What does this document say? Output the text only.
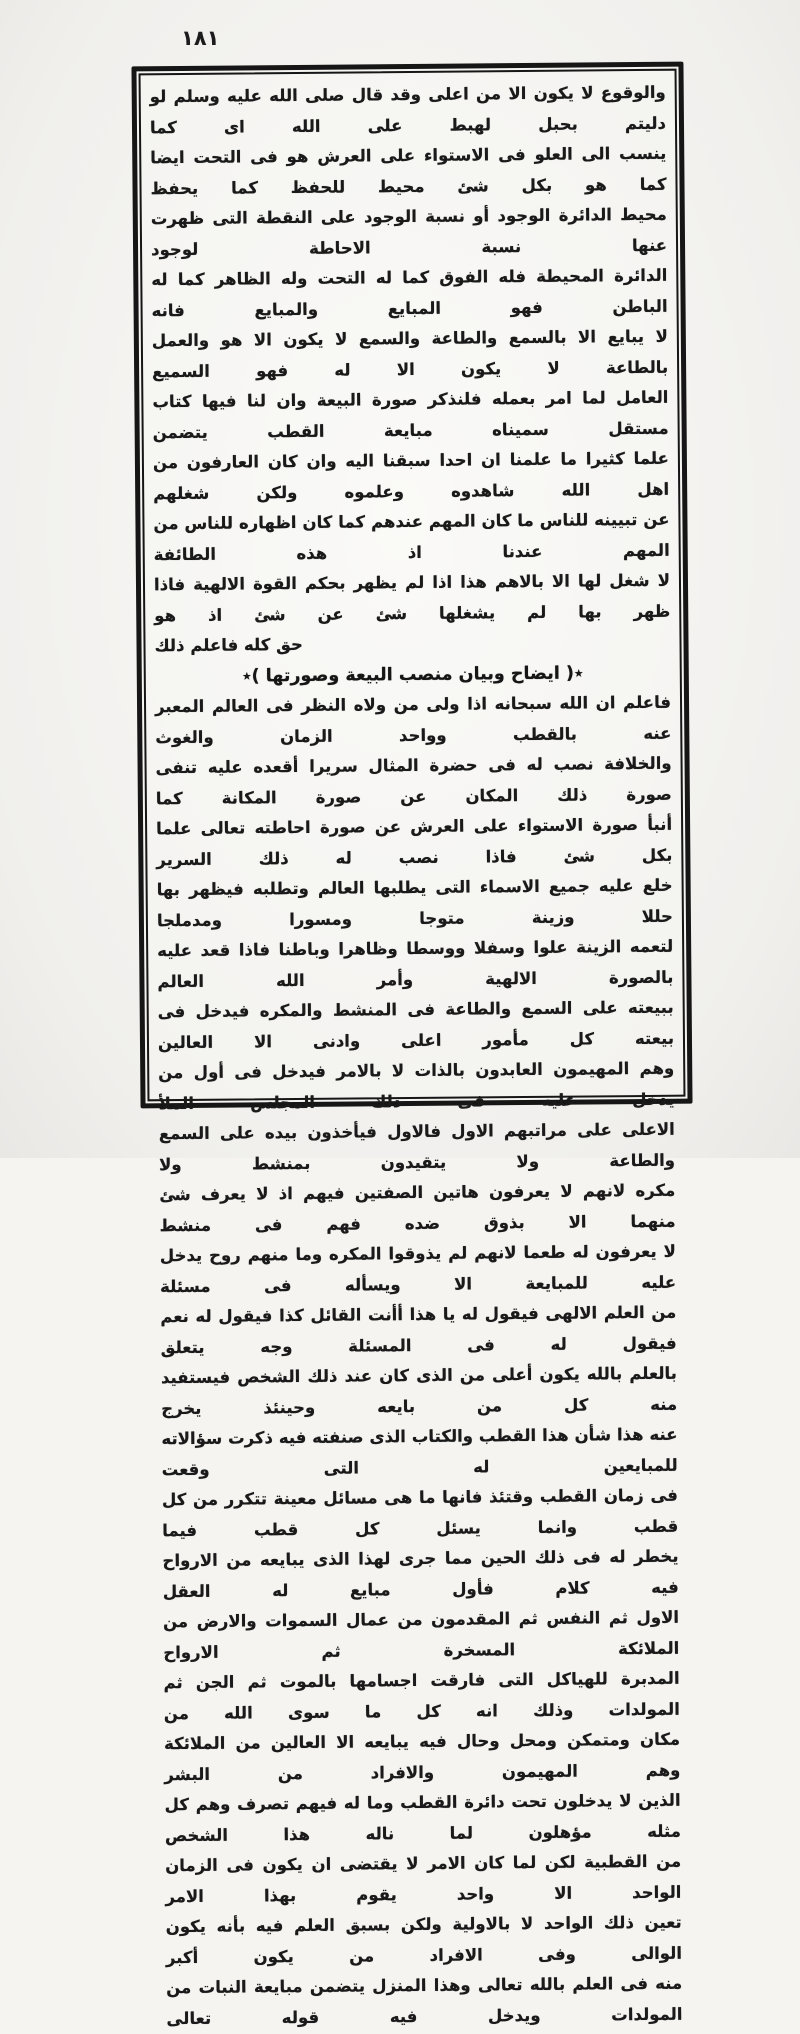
١٨١
والوقوع لا يكون الا من اعلى وقد قال صلى الله عليه وسلم لو دليتم بحبل لهبط على الله اى كما
ينسب الى العلو فى الاستواء على العرش هو فى التحت ايضا كما هو بكل شئ محيط للحفظ كما يحفظ
محيط الدائرة الوجود أو نسبة الوجود على النقطة التى ظهرت عنها نسبة الاحاطة لوجود
الدائرة المحيطة فله الفوق كما له التحت وله الظاهر كما له الباطن فهو المبايع والمبايع فانه
لا يبايع الا بالسمع والطاعة والسمع لا يكون الا هو والعمل بالطاعة لا يكون الا له فهو السميع
العامل لما امر بعمله فلنذكر صورة البيعة وان لنا فيها كتاب مستقل سميناه مبايعة القطب يتضمن
علما كثيرا ما علمنا ان احدا سبقنا اليه وان كان العارفون من اهل الله شاهدوه وعلموه ولكن شغلهم
عن تبيينه للناس ما كان المهم عندهم كما كان اظهاره للناس من المهم عندنا اذ هذه الطائفة
لا شغل لها الا بالاهم هذا اذا لم يظهر بحكم القوة الالهية فاذا ظهر بها لم يشغلها شئ عن شئ اذ هو
حق كله فاعلم ذلك
٭( ايضاح وبيان منصب البيعة وصورتها )٭
فاعلم ان الله سبحانه اذا ولى من ولاه النظر فى العالم المعبر عنه بالقطب وواحد الزمان والغوث
والخلافة نصب له فى حضرة المثال سريرا أقعده عليه تنفى صورة ذلك المكان عن صورة المكانة كما
أنبأ صورة الاستواء على العرش عن صورة احاطته تعالى علما بكل شئ فاذا نصب له ذلك السرير
خلع عليه جميع الاسماء التى يطلبها العالم وتطلبه فيظهر بها حللا وزينة متوجا ومسورا ومدملجا
لتعمه الزينة علوا وسفلا ووسطا وظاهرا وباطنا فاذا قعد عليه بالصورة الالهية وأمر الله العالم
ببيعته على السمع والطاعة فى المنشط والمكره فيدخل فى بيعته كل مأمور اعلى وادنى الا العالين
وهم المهيمون العابدون بالذات لا بالامر فيدخل فى أول من يدخل عليه فى ذلك المجلس الملأ
الاعلى على مراتبهم الاول فالاول فيأخذون بيده على السمع والطاعة ولا يتقيدون بمنشط ولا
مكره لانهم لا يعرفون هاتين الصفتين فيهم اذ لا يعرف شئ منهما الا بذوق ضده فهم فى منشط
لا يعرفون له طعما لانهم لم يذوقوا المكره وما منهم روح يدخل عليه للمبايعة الا ويسأله فى مسئلة
من العلم الالهى فيقول له يا هذا أأنت القائل كذا فيقول له نعم فيقول له فى المسئلة وجه يتعلق
بالعلم بالله يكون أعلى من الذى كان عند ذلك الشخص فيستفيد منه كل من بايعه وحينئذ يخرج
عنه هذا شأن هذا القطب والكتاب الذى صنفته فيه ذكرت سؤالاته للمبايعين له التى وقعت
فى زمان القطب وقتئذ فانها ما هى مسائل معينة تتكرر من كل قطب وانما يسئل كل قطب فيما
يخطر له فى ذلك الحين مما جرى لهذا الذى يبايعه من الارواح فيه كلام فأول مبايع له العقل
الاول ثم النفس ثم المقدمون من عمال السموات والارض من الملائكة المسخرة ثم الارواح
المدبرة للهياكل التى فارقت اجسامها بالموت ثم الجن ثم المولدات وذلك انه كل ما سوى الله من
مكان ومتمكن ومحل وحال فيه يبايعه الا العالين من الملائكة وهم المهيمون والافراد من البشر
الذين لا يدخلون تحت دائرة القطب وما له فيهم تصرف وهم كل مثله مؤهلون لما ناله هذا الشخص
من القطبية لكن لما كان الامر لا يقتضى ان يكون فى الزمان الواحد الا واحد يقوم بهذا الامر
تعين ذلك الواحد لا بالاولية ولكن بسبق العلم فيه بأنه يكون الوالى وفى الافراد من يكون أكبر
منه فى العلم بالله تعالى وهذا المنزل يتضمن مبايعة النبات من المولدات ويدخل فيه قوله تعالى
